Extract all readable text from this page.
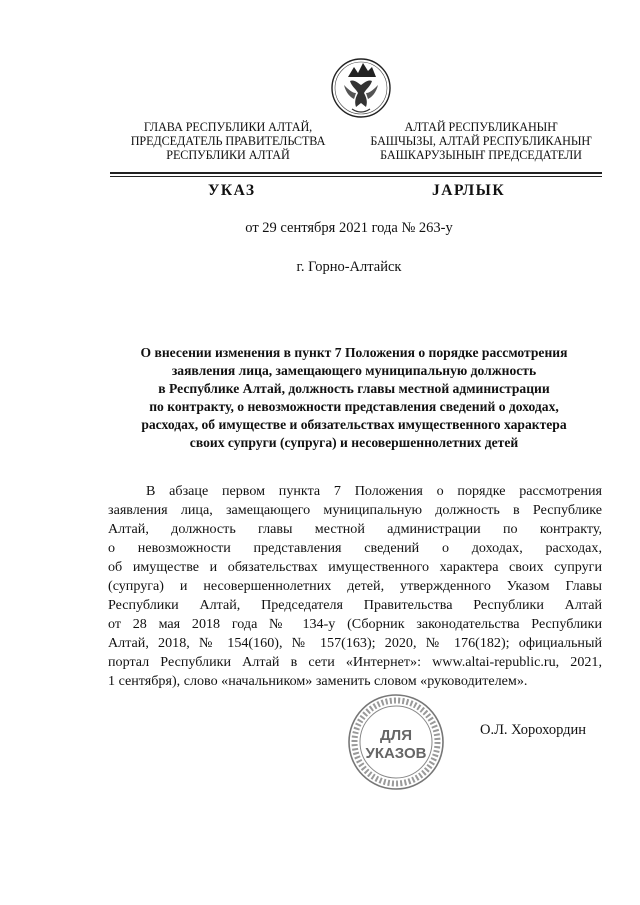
ГЛАВА РЕСПУБЛИКИ АЛТАЙ,
ПРЕДСЕДАТЕЛЬ ПРАВИТЕЛЬСТВА
РЕСПУБЛИКИ АЛТАЙ
АЛТАЙ РЕСПУБЛИКАНЫҤ
БАШЧЫЗЫ, АЛТАЙ РЕСПУБЛИКАНЫҤ
БАШКАРУЗЫНЫҤ ПРЕДСЕДАТЕЛИ
УКАЗ	JАРЛЫК
от 29 сентября 2021 года № 263-у
г. Горно-Алтайск
О внесении изменения в пункт 7 Положения о порядке рассмотрения
заявления лица, замещающего муниципальную должность
в Республике Алтай, должность главы местной администрации
по контракту, о невозможности представления сведений о доходах,
расходах, об имуществе и обязательствах имущественного характера
своих супруги (супруга) и несовершеннолетних детей
В абзаце первом пункта 7 Положения о порядке рассмотрения
заявления лица, замещающего муниципальную должность в Республике
Алтай, должность главы местной администрации по контракту,
о невозможности представления сведений о доходах, расходах,
об имуществе и обязательствах имущественного характера своих супруги
(супруга) и несовершеннолетних детей, утвержденного Указом Главы
Республики Алтай, Председателя Правительства Республики Алтай
от 28 мая 2018 года № 134-у (Сборник законодательства Республики
Алтай, 2018, № 154(160), № 157(163); 2020, № 176(182); официальный
портал Республики Алтай в сети «Интернет»: www.altai-republic.ru, 2021,
1 сентября), слово «начальником» заменить словом «руководителем».
ДЛЯ
УКАЗОВ
О.Л. Хорохордин
